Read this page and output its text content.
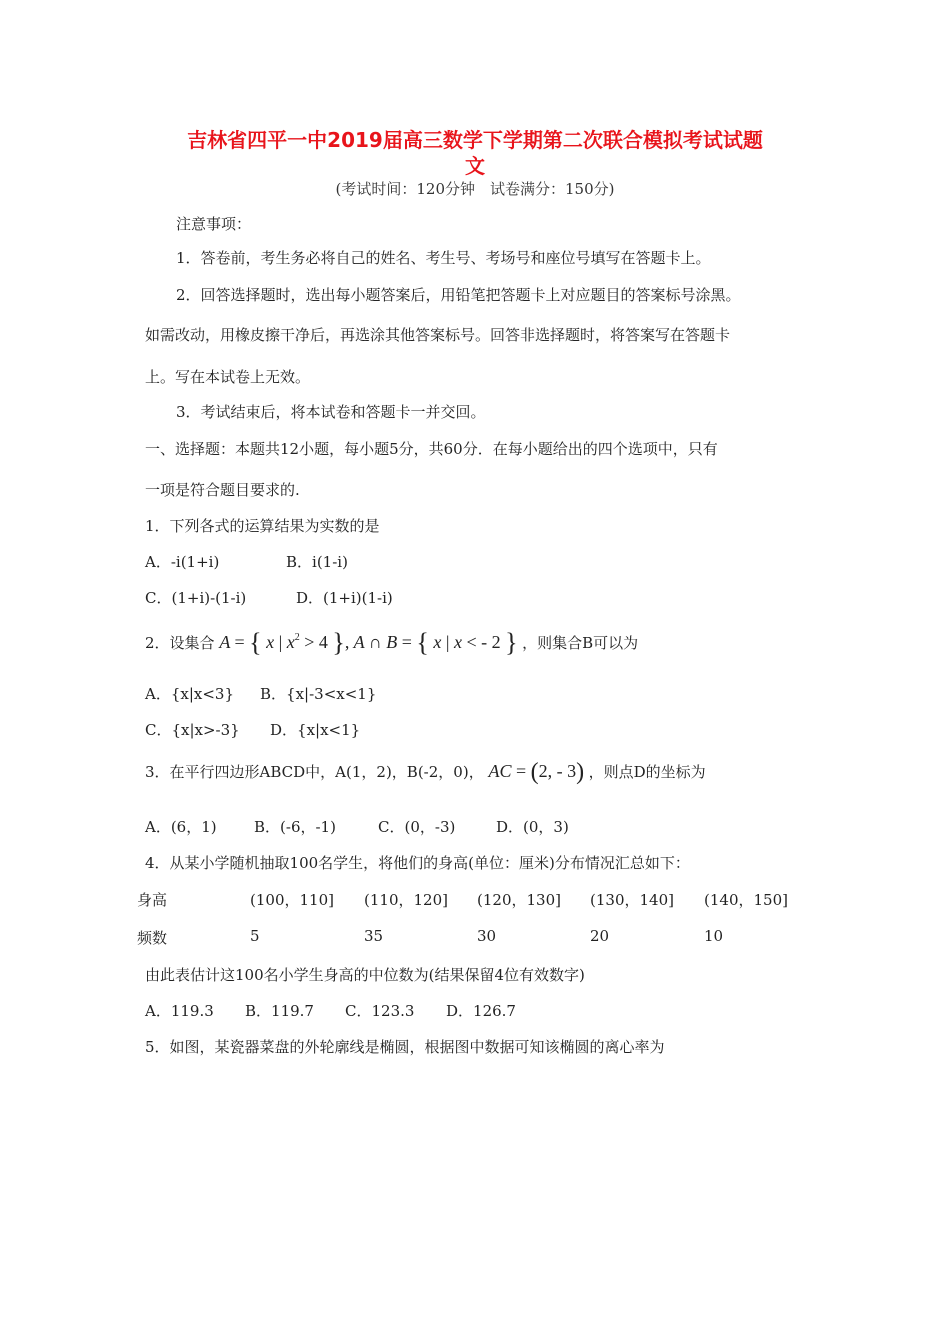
吉林省四平一中2019届高三数学下学期第二次联合模拟考试试题
文
(考试时间：120分钟　试卷满分：150分)
注意事项：
1．答卷前，考生务必将自己的姓名、考生号、考场号和座位号填写在答题卡上。
2．回答选择题时，选出每小题答案后，用铅笔把答题卡上对应题目的答案标号涂黑。
如需改动，用橡皮擦干净后，再选涂其他答案标号。回答非选择题时，将答案写在答题卡
上。写在本试卷上无效。
3．考试结束后，将本试卷和答题卡一并交回。
一、选择题：本题共12小题，每小题5分，共60分．在每小题给出的四个选项中，只有
一项是符合题目要求的.
1．下列各式的运算结果为实数的是
A．-i(1+i)	B．i(1-i)
C．(1+i)-(1-i)	D．(1+i)(1-i)
2．设集合 A = { x | $x^2 > 4$ }, A ∩ B = { x | x < - 2 } ，则集合B可以为
A．{x|x<3} B．{x|-3<x<1}
C．{x|x>-3} D．{x|x<1}
3．在平行四边形ABCD中，A(1，2)，B(-2，0)， AC = (2, - 3) ，则点D的坐标为
A．(6，1) B．(-6，-1)	C．(0，-3)	D．(0，3)
4．从某小学随机抽取100名学生，将他们的身高(单位：厘米)分布情况汇总如下：
身高	(100，110] (110，120] (120，130] (130，140] (140，150]
频数	5	35	30	20	10
由此表估计这100名小学生身高的中位数为(结果保留4位有效数字)
A．119.3 B．119.7 C．123.3 D．126.7
5．如图，某瓷器菜盘的外轮廓线是椭圆，根据图中数据可知该椭圆的离心率为
